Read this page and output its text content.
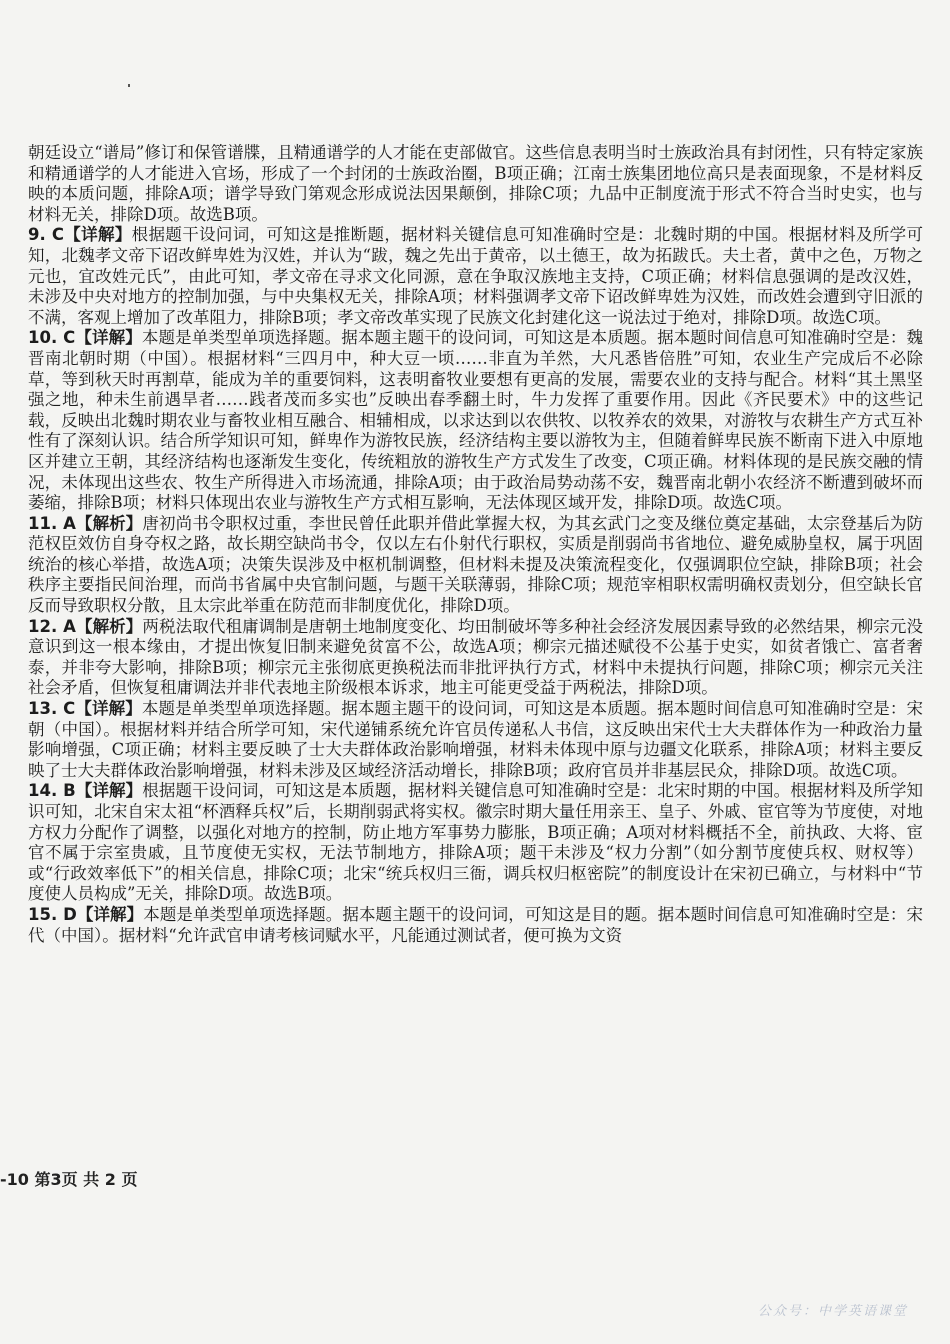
朝廷设立“谱局”修订和保管谱牒，且精通谱学的人才能在吏部做官。这些信息表明当时士族政治具有封闭性，只有特定家族和精通谱学的人才能进入官场，形成了一个封闭的士族政治圈，B项正确；江南士族集团地位高只是表面现象，不是材料反映的本质问题，排除A项；谱学导致门第观念形成说法因果颠倒，排除C项；九品中正制度流于形式不符合当时史实，也与材料无关，排除D项。故选B项。

9. C【详解】根据题干设问词，可知这是推断题，据材料关键信息可知准确时空是：北魏时期的中国。根据材料及所学可知，北魏孝文帝下诏改鲜卑姓为汉姓，并认为“跋，魏之先出于黄帝，以土德王，故为拓跋氏。夫土者，黄中之色，万物之元也，宜改姓元氏”，由此可知，孝文帝在寻求文化同源，意在争取汉族地主支持，C项正确；材料信息强调的是改汉姓，未涉及中央对地方的控制加强，与中央集权无关，排除A项；材料强调孝文帝下诏改鲜卑姓为汉姓，而改姓会遭到守旧派的不满，客观上增加了改革阻力，排除B项；孝文帝改革实现了民族文化封建化这一说法过于绝对，排除D项。故选C项。

10. C【详解】本题是单类型单项选择题。据本题主题干的设问词，可知这是本质题。据本题时间信息可知准确时空是：魏晋南北朝时期（中国）。根据材料“三四月中，种大豆一顷……非直为羊然，大凡悉皆倍胜”可知，农业生产完成后不必除草，等到秋天时再割草，能成为羊的重要饲料，这表明畜牧业要想有更高的发展，需要农业的支持与配合。材料“其土黑坚强之地，种未生前遇旱者……践者茂而多实也”反映出春季翻土时，牛力发挥了重要作用。因此《齐民要术》中的这些记载，反映出北魏时期农业与畜牧业相互融合、相辅相成，以求达到以农供牧、以牧养农的效果，对游牧与农耕生产方式互补性有了深刻认识。结合所学知识可知，鲜卑作为游牧民族，经济结构主要以游牧为主，但随着鲜卑民族不断南下进入中原地区并建立王朝，其经济结构也逐渐发生变化，传统粗放的游牧生产方式发生了改变，C项正确。材料体现的是民族交融的情况，未体现出这些农、牧生产所得进入市场流通，排除A项；由于政治局势动荡不安，魏晋南北朝小农经济不断遭到破坏而萎缩，排除B项；材料只体现出农业与游牧生产方式相互影响，无法体现区域开发，排除D项。故选C项。

11. A【解析】唐初尚书令职权过重，李世民曾任此职并借此掌握大权，为其玄武门之变及继位奠定基础，太宗登基后为防范权臣效仿自身夺权之路，故长期空缺尚书令，仅以左右仆射代行职权，实质是削弱尚书省地位、避免威胁皇权，属于巩固统治的核心举措，故选A项；决策失误涉及中枢机制调整，但材料未提及决策流程变化，仅强调职位空缺，排除B项；社会秩序主要指民间治理，而尚书省属中央官制问题，与题干关联薄弱，排除C项；规范宰相职权需明确权责划分，但空缺长官反而导致职权分散，且太宗此举重在防范而非制度优化，排除D项。

12. A【解析】两税法取代租庸调制是唐朝土地制度变化、均田制破坏等多种社会经济发展因素导致的必然结果，柳宗元没意识到这一根本缘由，才提出恢复旧制来避免贫富不公，故选A项；柳宗元描述赋役不公基于史实，如贫者饿亡、富者奢泰，并非夸大影响，排除B项；柳宗元主张彻底更换税法而非批评执行方式，材料中未提执行问题，排除C项；柳宗元关注社会矛盾，但恢复租庸调法并非代表地主阶级根本诉求，地主可能更受益于两税法，排除D项。

13. C【详解】本题是单类型单项选择题。据本题主题干的设问词，可知这是本质题。据本题时间信息可知准确时空是：宋朝（中国）。根据材料并结合所学可知，宋代递铺系统允许官员传递私人书信，这反映出宋代士大夫群体作为一种政治力量影响增强，C项正确；材料主要反映了士大夫群体政治影响增强，材料未体现中原与边疆文化联系，排除A项；材料主要反映了士大夫群体政治影响增强，材料未涉及区域经济活动增长，排除B项；政府官员并非基层民众，排除D项。故选C项。

14. B【详解】根据题干设问词，可知这是本质题，据材料关键信息可知准确时空是：北宋时期的中国。根据材料及所学知识可知，北宋自宋太祖“杯酒释兵权”后，长期削弱武将实权。徽宗时期大量任用亲王、皇子、外戚、宦官等为节度使，对地方权力分配作了调整，以强化对地方的控制，防止地方军事势力膨胀，B项正确；A项对材料概括不全，前执政、大将、宦官不属于宗室贵戚，且节度使无实权，无法节制地方，排除A项；题干未涉及“权力分割”（如分割节度使兵权、财权等）或“行政效率低下”的相关信息，排除C项；北宋“统兵权归三衙，调兵权归枢密院”的制度设计在宋初已确立，与材料中“节度使人员构成”无关，排除D项。故选B项。

15. D【详解】本题是单类型单项选择题。据本题主题干的设问词，可知这是目的题。据本题时间信息可知准确时空是：宋代（中国）。据材料“允许武官申请考核词赋水平，凡能通过测试者，便可换为文资

-10 第3页 共 2 页
公众号：中学英语课堂
